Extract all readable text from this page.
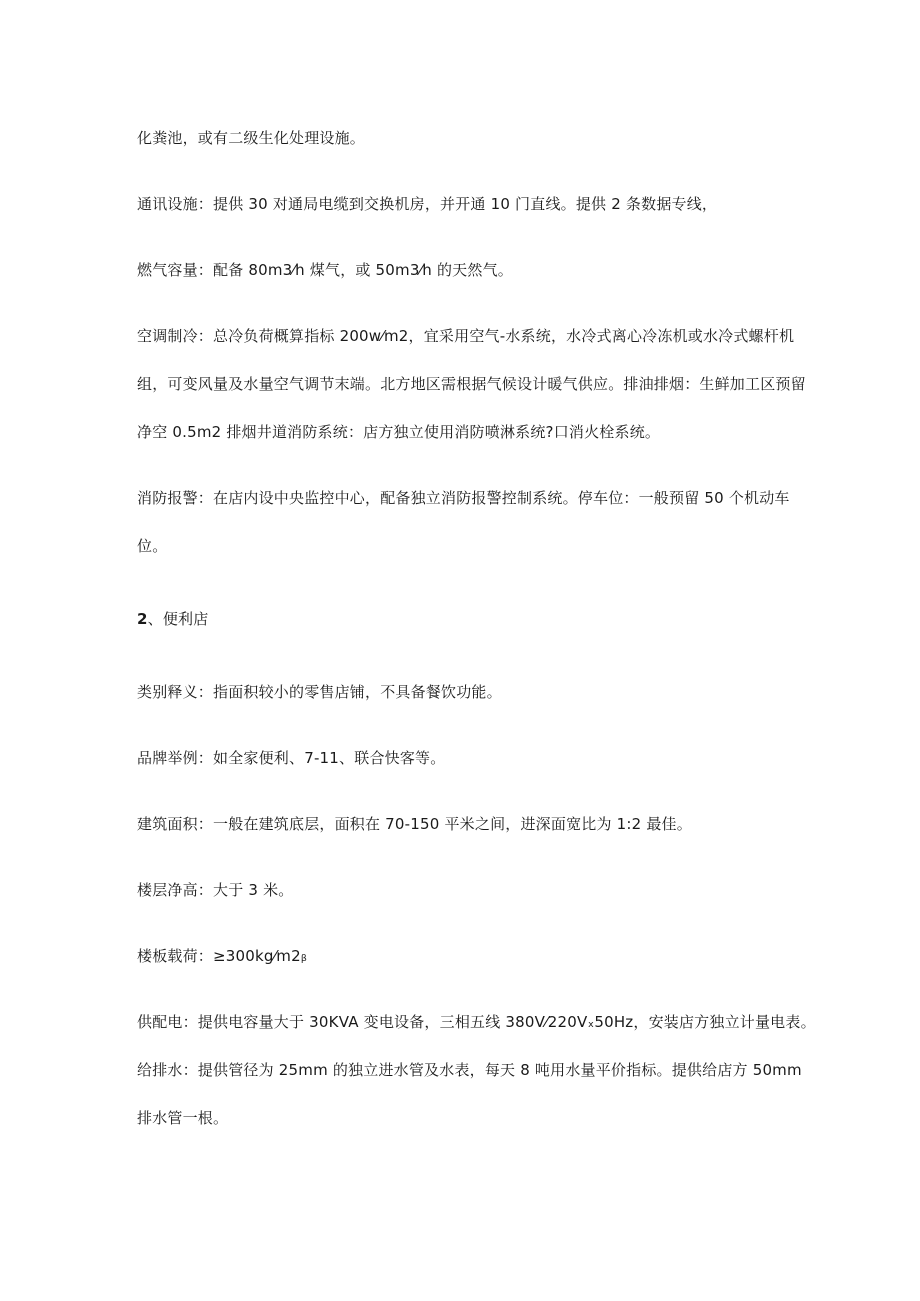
化粪池，或有二级生化处理设施。

通讯设施：提供 30 对通局电缆到交换机房，并开通 10 门直线。提供 2 条数据专线，

燃气容量：配备 80m3⁄h 煤气，或 50m3⁄h 的天然气。

空调制冷：总冷负荷概算指标 200w⁄m2，宜采用空气-水系统，水冷式离心冷冻机或水冷式螺杆机

组，可变风量及水量空气调节末端。北方地区需根据气候设计暖气供应。排油排烟：生鲜加工区预留

净空 0.5m2 排烟井道消防系统：店方独立使用消防喷淋系统?口消火栓系统。

消防报警：在店内设中央监控中心，配备独立消防报警控制系统。停车位：一般预留 50 个机动车

位。

2、便利店

类别释义：指面积较小的零售店铺，不具备餐饮功能。

品牌举例：如全家便利、7-11、联合快客等。

建筑面积：一般在建筑底层，面积在 70-150 平米之间，进深面宽比为 1:2 最佳。

楼层净高：大于 3 米。

楼板载荷：≥300kg⁄m2ᵦ

供配电：提供电容量大于 30KVA 变电设备，三相五线 380V⁄220Vₓ50Hz，安装店方独立计量电表。

给排水：提供管径为 25mm 的独立进水管及水表，每天 8 吨用水量平价指标。提供给店方 50mm

排水管一根。
